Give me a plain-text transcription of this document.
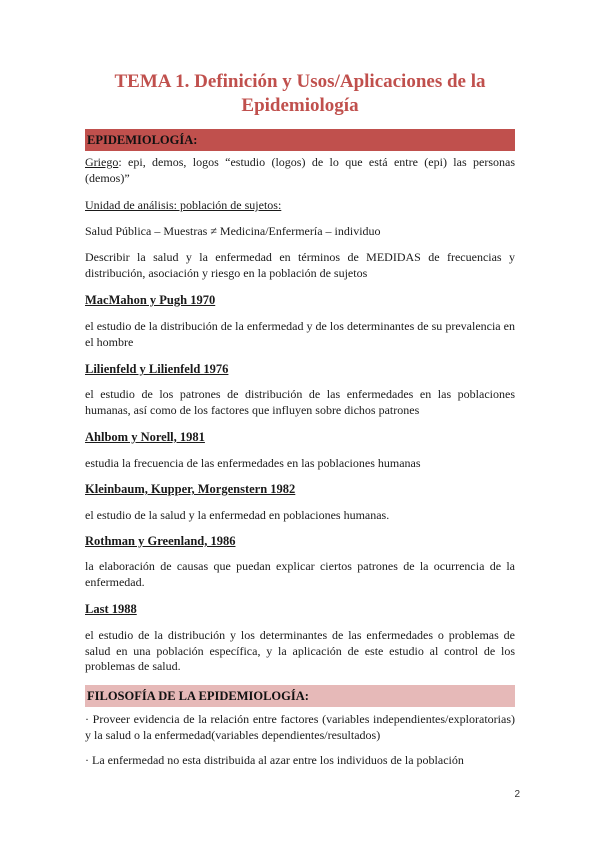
TEMA 1. Definición y Usos/Aplicaciones de la
Epidemiología
EPIDEMIOLOGÍA:
Griego: epi, demos, logos “estudio (logos) de lo que está entre (epi) las personas (demos)”
Unidad de análisis: población de sujetos:
Salud Pública – Muestras ≠ Medicina/Enfermería – individuo
Describir la salud y la enfermedad en términos de MEDIDAS de frecuencias y distribución, asociación y riesgo en la población de sujetos
MacMahon y Pugh 1970
el estudio de la distribución de la enfermedad y de los determinantes de su prevalencia en el hombre
Lilienfeld y Lilienfeld 1976
el estudio de los patrones de distribución de las enfermedades en las poblaciones humanas, así como de los factores que influyen sobre dichos patrones
Ahlbom y Norell, 1981
estudia la frecuencia de las enfermedades en las poblaciones humanas
Kleinbaum, Kupper, Morgenstern 1982
el estudio de la salud y la enfermedad en poblaciones humanas.
Rothman y Greenland, 1986
la elaboración de causas que puedan explicar ciertos patrones de la ocurrencia de la enfermedad.
Last 1988
el estudio de la distribución y los determinantes de las enfermedades o problemas de salud en una población específica, y la aplicación de este estudio al control de los problemas de salud.
FILOSOFÍA DE LA EPIDEMIOLOGÍA:
· Proveer evidencia de la relación entre factores (variables independientes/exploratorias) y la salud o la enfermedad(variables dependientes/resultados)
· La enfermedad no esta distribuida al azar entre los individuos de la población
2
